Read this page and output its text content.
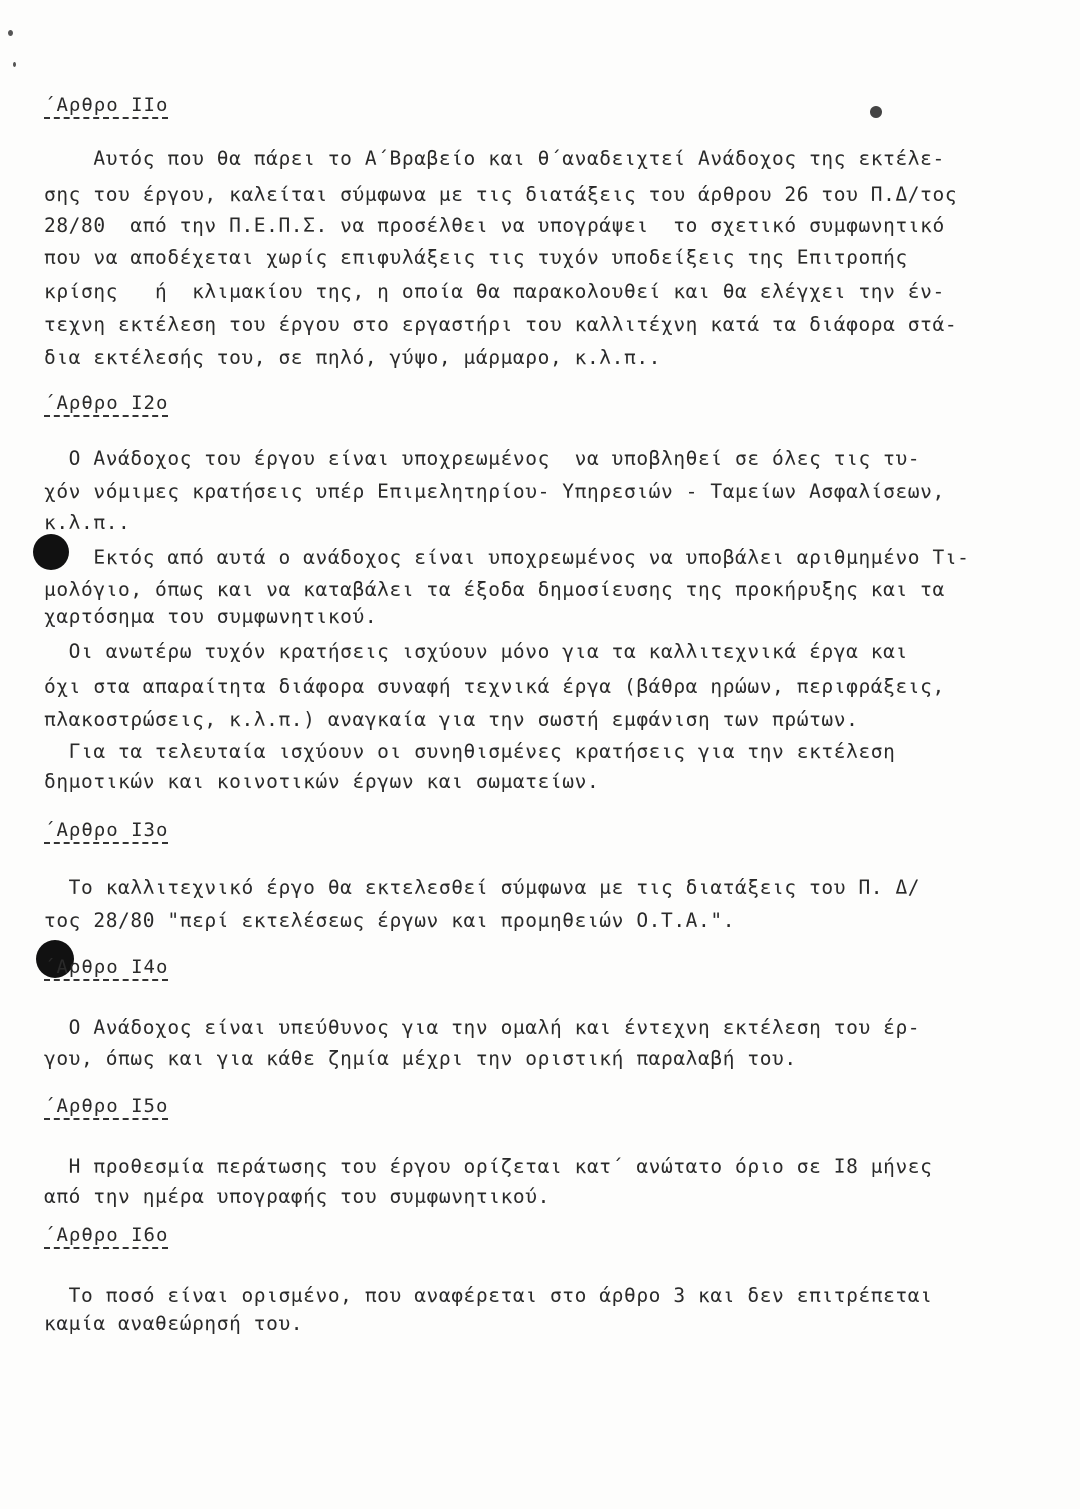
΄Αρθρο ΙΙο
Αυτός που θα πάρει το Α΄Βραβείο και θ΄αναδειχτεί Ανάδοχος της εκτέλε-
σης του έργου, καλείται σύμφωνα με τις διατάξεις του άρθρου 26 του Π.Δ/τος
28/80  από την Π.Ε.Π.Σ. να προσέλθει να υπογράψει  το σχετικό συμφωνητικό
που να αποδέχεται χωρίς επιφυλάξεις τις τυχόν υποδείξεις της Επιτροπής
κρίσης   ή  κλιμακίου της, η οποία θα παρακολουθεί και θα ελέγχει την έν-
τεχνη εκτέλεση του έργου στο εργαστήρι του καλλιτέχνη κατά τα διάφορα στά-
δια εκτέλεσής του, σε πηλό, γύψο, μάρμαρο, κ.λ.π..
΄Αρθρο Ι2ο
Ο Ανάδοχος του έργου είναι υποχρεωμένος  να υποβληθεί σε όλες τις τυ-
χόν νόμιμες κρατήσεις υπέρ Επιμελητηρίου- Υπηρεσιών - Ταμείων Ασφαλίσεων,
κ.λ.π..
Εκτός από αυτά ο ανάδοχος είναι υποχρεωμένος να υποβάλει αριθμημένο Τι-
μολόγιο, όπως και να καταβάλει τα έξοδα δημοσίευσης της προκήρυξης και τα
χαρτόσημα του συμφωνητικού.
Οι ανωτέρω τυχόν κρατήσεις ισχύουν μόνο για τα καλλιτεχνικά έργα και
όχι στα απαραίτητα διάφορα συναφή τεχνικά έργα (βάθρα ηρώων, περιφράξεις,
πλακοστρώσεις, κ.λ.π.) αναγκαία για την σωστή εμφάνιση των πρώτων.
Για τα τελευταία ισχύουν οι συνηθισμένες κρατήσεις για την εκτέλεση
δημοτικών και κοινοτικών έργων και σωματείων.
΄Αρθρο Ι3ο
Το καλλιτεχνικό έργο θα εκτελεσθεί σύμφωνα με τις διατάξεις του Π. Δ/
τος 28/80 "περί εκτελέσεως έργων και προμηθειών Ο.Τ.Α.".
΄Αρθρο Ι4ο
Ο Ανάδοχος είναι υπεύθυνος για την ομαλή και έντεχνη εκτέλεση του έρ-
γου, όπως και για κάθε ζημία μέχρι την οριστική παραλαβή του.
΄Αρθρο Ι5ο
Η προθεσμία περάτωσης του έργου ορίζεται κατ΄ ανώτατο όριο σε Ι8 μήνες
από την ημέρα υπογραφής του συμφωνητικού.
΄Αρθρο Ι6ο
Το ποσό είναι ορισμένο, που αναφέρεται στο άρθρο 3 και δεν επιτρέπεται
καμία αναθεώρησή του.
